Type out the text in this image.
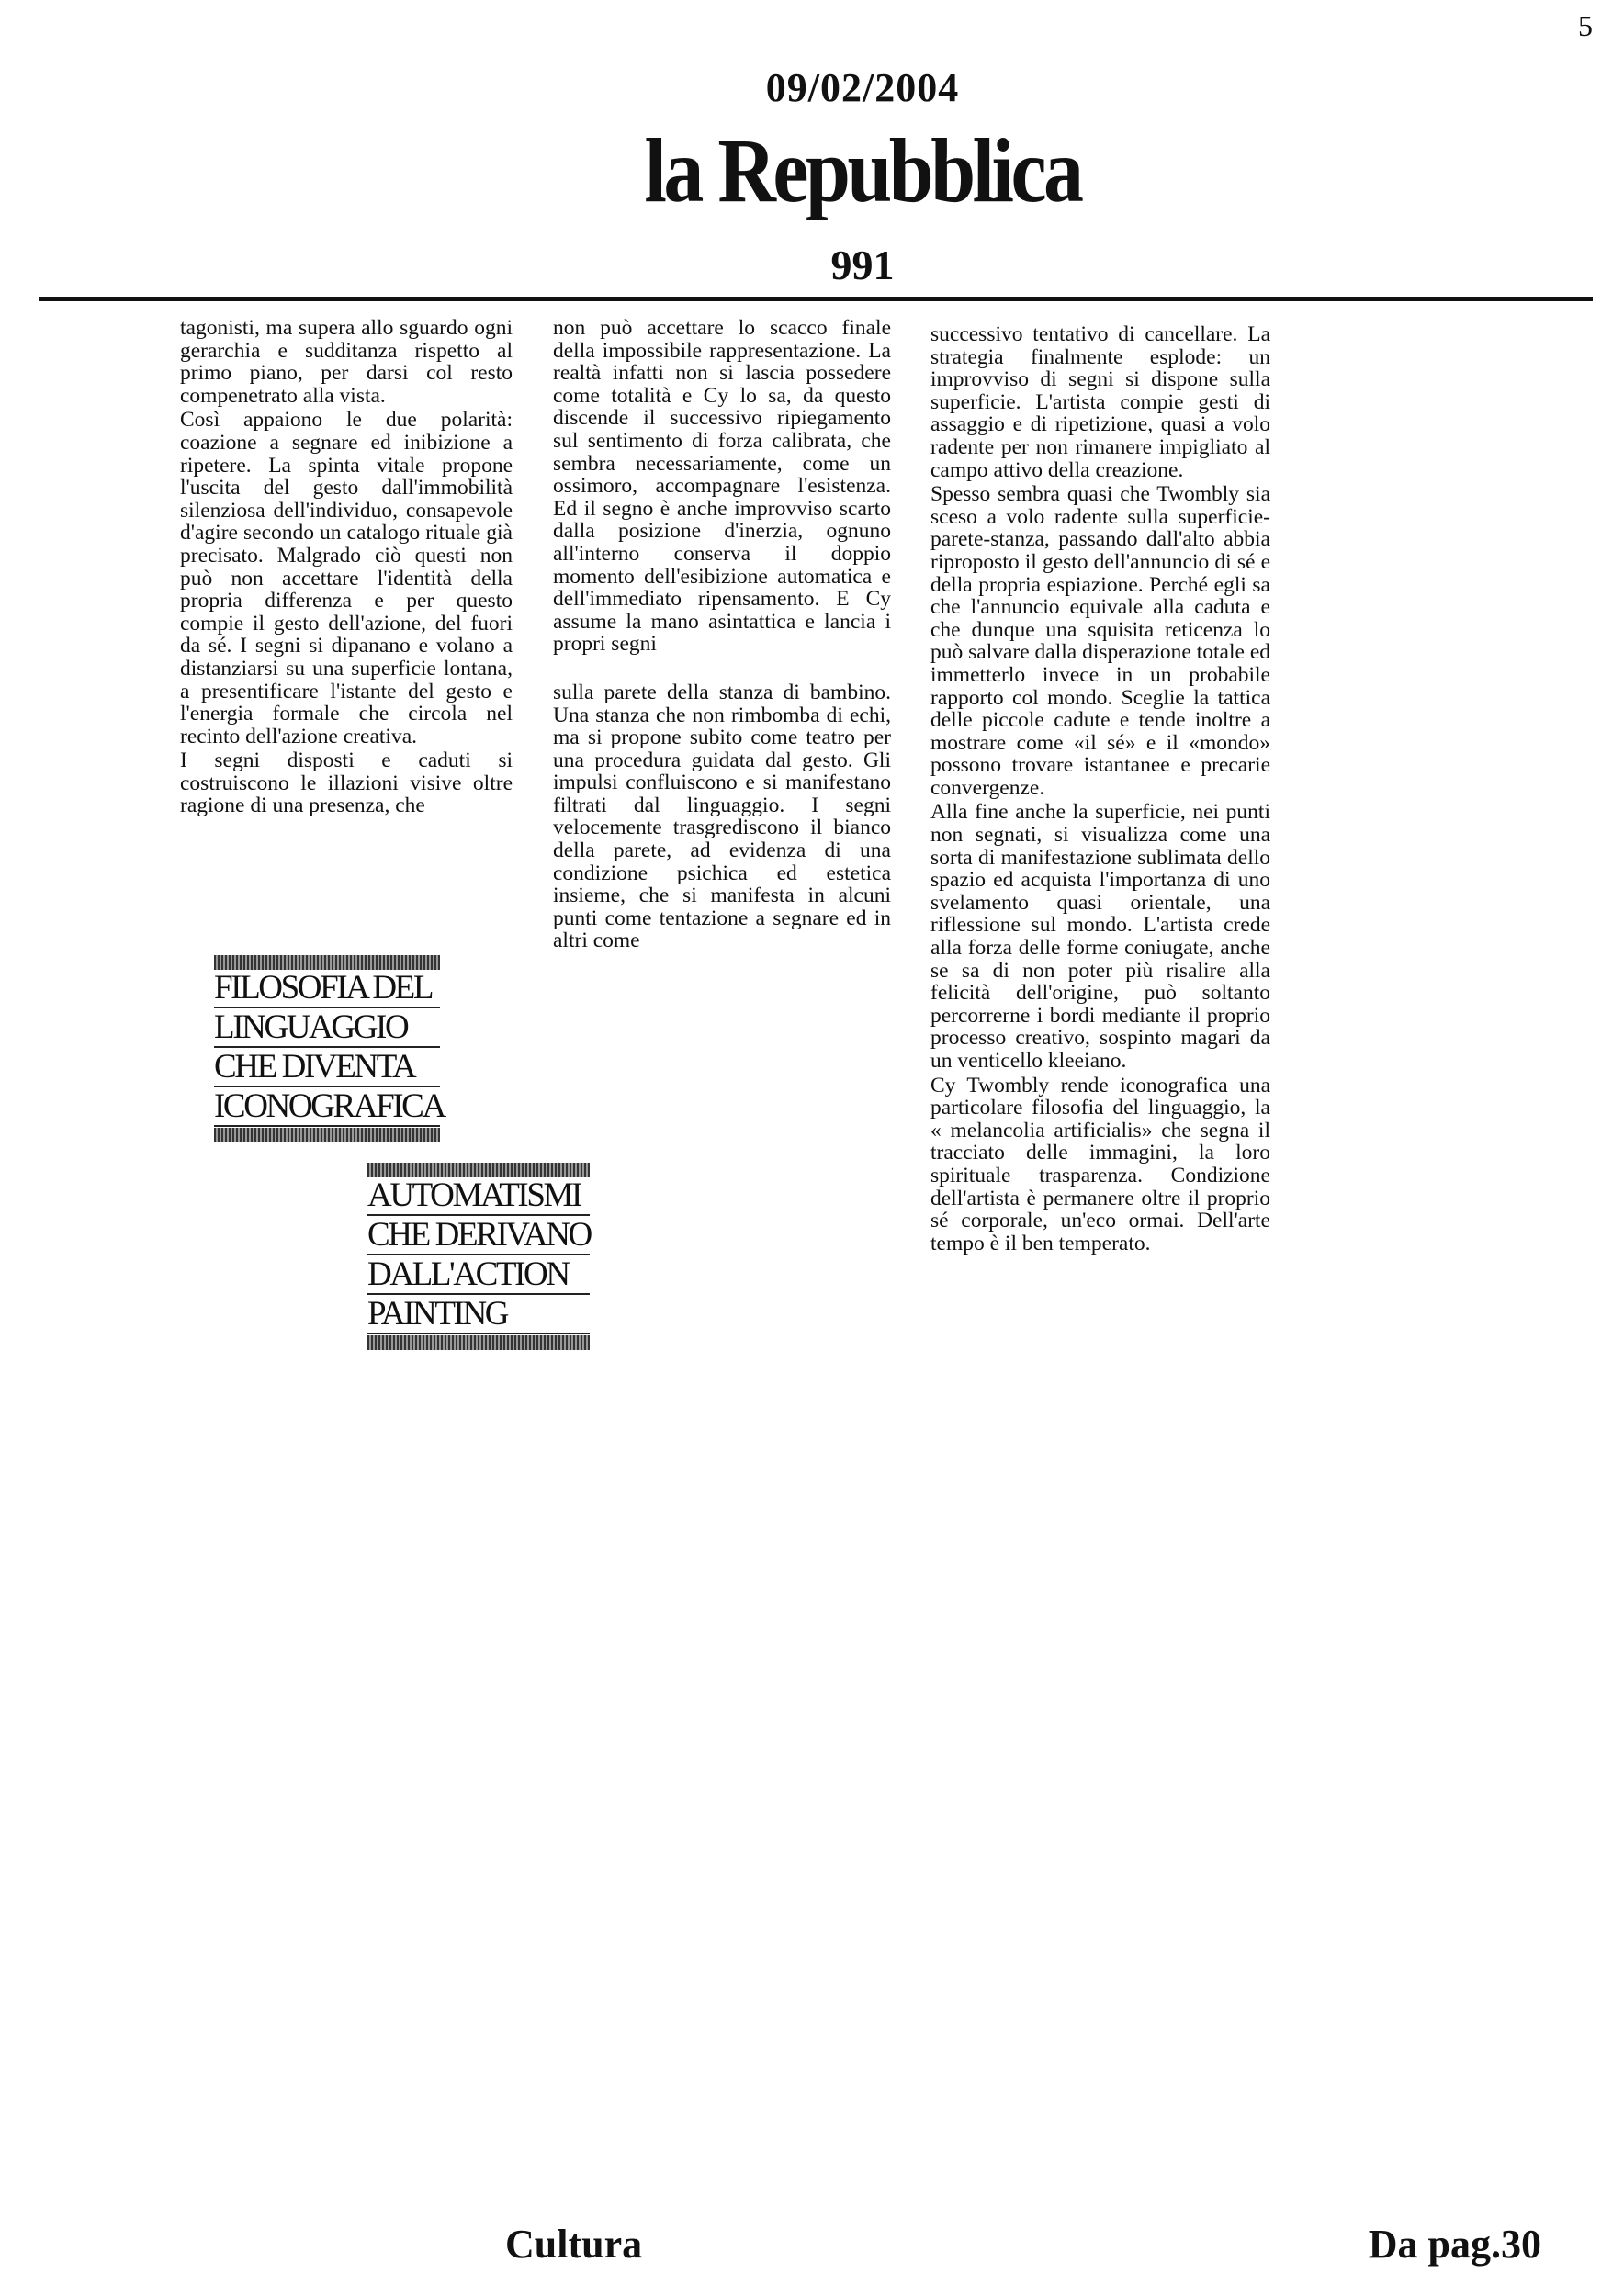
5
09/02/2004
la Repubblica
991

tagonisti, ma supera allo sguardo ogni gerarchia e sudditanza rispetto al primo piano, per darsi col resto compenetrato alla vista.

Così appaiono le due polarità: coazione a segnare ed inibizione a ripetere. La spinta vitale propone l'uscita del gesto dall'immobilità silenziosa dell'individuo, consapevole d'agire secondo un catalogo rituale già precisato. Malgrado ciò questi non può non accettare l'identità della propria differenza e per questo compie il gesto dell'azione, del fuori da sé. I segni si dipanano e volano a distanziarsi su una superficie lontana, a presentificare l'istante del gesto e l'energia formale che circola nel recinto dell'azione creativa.

I segni disposti e caduti si costruiscono le illazioni visive oltre ragione di una presenza, che

non può accettare lo scacco finale della impossibile rappresentazione. La realtà infatti non si lascia possedere come totalità e Cy lo sa, da questo discende il successivo ripiegamento sul sentimento di forza calibrata, che sembra necessariamente, come un ossimoro, accompagnare l'esistenza. Ed il segno è anche improvviso scarto dalla posizione d'inerzia, ognuno all'interno conserva il doppio momento dell'esibizione automatica e dell'immediato ripensamento. E Cy assume la mano asintattica e lancia i propri segni

sulla parete della stanza di bambino. Una stanza che non rimbomba di echi, ma si propone subito come teatro per una procedura guidata dal gesto. Gli impulsi confluiscono e si manifestano filtrati dal linguaggio. I segni velocemente trasgrediscono il bianco della parete, ad evidenza di una condizione psichica ed estetica insieme, che si manifesta in alcuni punti come tentazione a segnare ed in altri come

successivo tentativo di cancellare. La strategia finalmente esplode: un improvviso di segni si dispone sulla superficie. L'artista compie gesti di assaggio e di ripetizione, quasi a volo radente per non rimanere impigliato al campo attivo della creazione.

Spesso sembra quasi che Twombly sia sceso a volo radente sulla superficie-parete-stanza, passando dall'alto abbia riproposto il gesto dell'annuncio di sé e della propria espiazione. Perché egli sa che l'annuncio equivale alla caduta e che dunque una squisita reticenza lo può salvare dalla disperazione totale ed immetterlo invece in un probabile rapporto col mondo. Sceglie la tattica delle piccole cadute e tende inoltre a mostrare come «il sé» e il «mondo» possono trovare istantanee e precarie convergenze.

Alla fine anche la superficie, nei punti non segnati, si visualizza come una sorta di manifestazione sublimata dello spazio ed acquista l'importanza di uno svelamento quasi orientale, una riflessione sul mondo. L'artista crede alla forza delle forme coniugate, anche se sa di non poter più risalire alla felicità dell'origine, può soltanto percorrerne i bordi mediante il proprio processo creativo, sospinto magari da un venticello kleeiano.

Cy Twombly rende iconografica una particolare filosofia del linguaggio, la « melancolia artificialis» che segna il tracciato delle immagini, la loro spirituale trasparenza. Condizione dell'artista è permanere oltre il proprio sé corporale, un'eco ormai. Dell'arte tempo è il ben temperato.

FILOSOFIA DEL
LINGUAGGIO
CHE DIVENTA
ICONOGRAFICA
AUTOMATISMI
CHE DERIVANO
DALL'ACTION
PAINTING
Cultura	Da pag.30
